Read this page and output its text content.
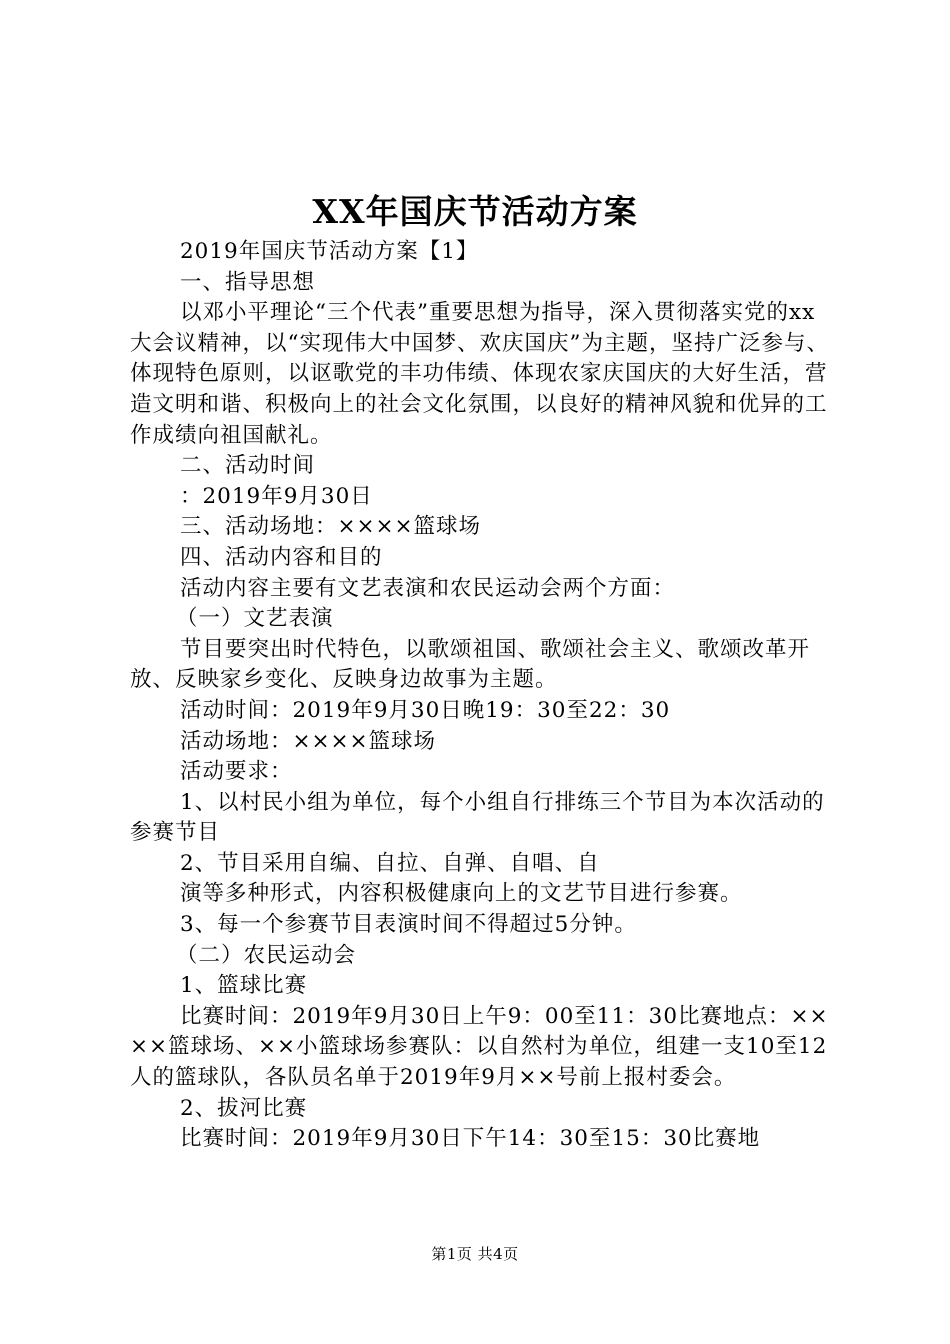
XX年国庆节活动方案

2019年国庆节活动方案【1】

一、指导思想

以邓小平理论“三个代表”重要思想为指导，深入贯彻落实党的xx大会议精神，以“实现伟大中国梦、欢庆国庆”为主题，坚持广泛参与、体现特色原则，以讴歌党的丰功伟绩、体现农家庆国庆的大好生活，营造文明和谐、积极向上的社会文化氛围，以良好的精神风貌和优异的工作成绩向祖国献礼。

二、活动时间

：2019年9月30日

三、活动场地：××××篮球场

四、活动内容和目的

活动内容主要有文艺表演和农民运动会两个方面：

（一）文艺表演

节目要突出时代特色，以歌颂祖国、歌颂社会主义、歌颂改革开放、反映家乡变化、反映身边故事为主题。

活动时间：2019年9月30日晚19：30至22：30

活动场地：××××篮球场

活动要求：

1、以村民小组为单位，每个小组自行排练三个节目为本次活动的参赛节目

2、节目采用自编、自拉、自弹、自唱、自

演等多种形式，内容积极健康向上的文艺节目进行参赛。

3、每一个参赛节目表演时间不得超过5分钟。

（二）农民运动会

1、篮球比赛

比赛时间：2019年9月30日上午9：00至11：30比赛地点：××××篮球场、××小篮球场参赛队：以自然村为单位，组建一支10至12人的篮球队，各队员名单于2019年9月××号前上报村委会。

2、拔河比赛

比赛时间：2019年9月30日下午14：30至15：30比赛地

第1页 共4页
